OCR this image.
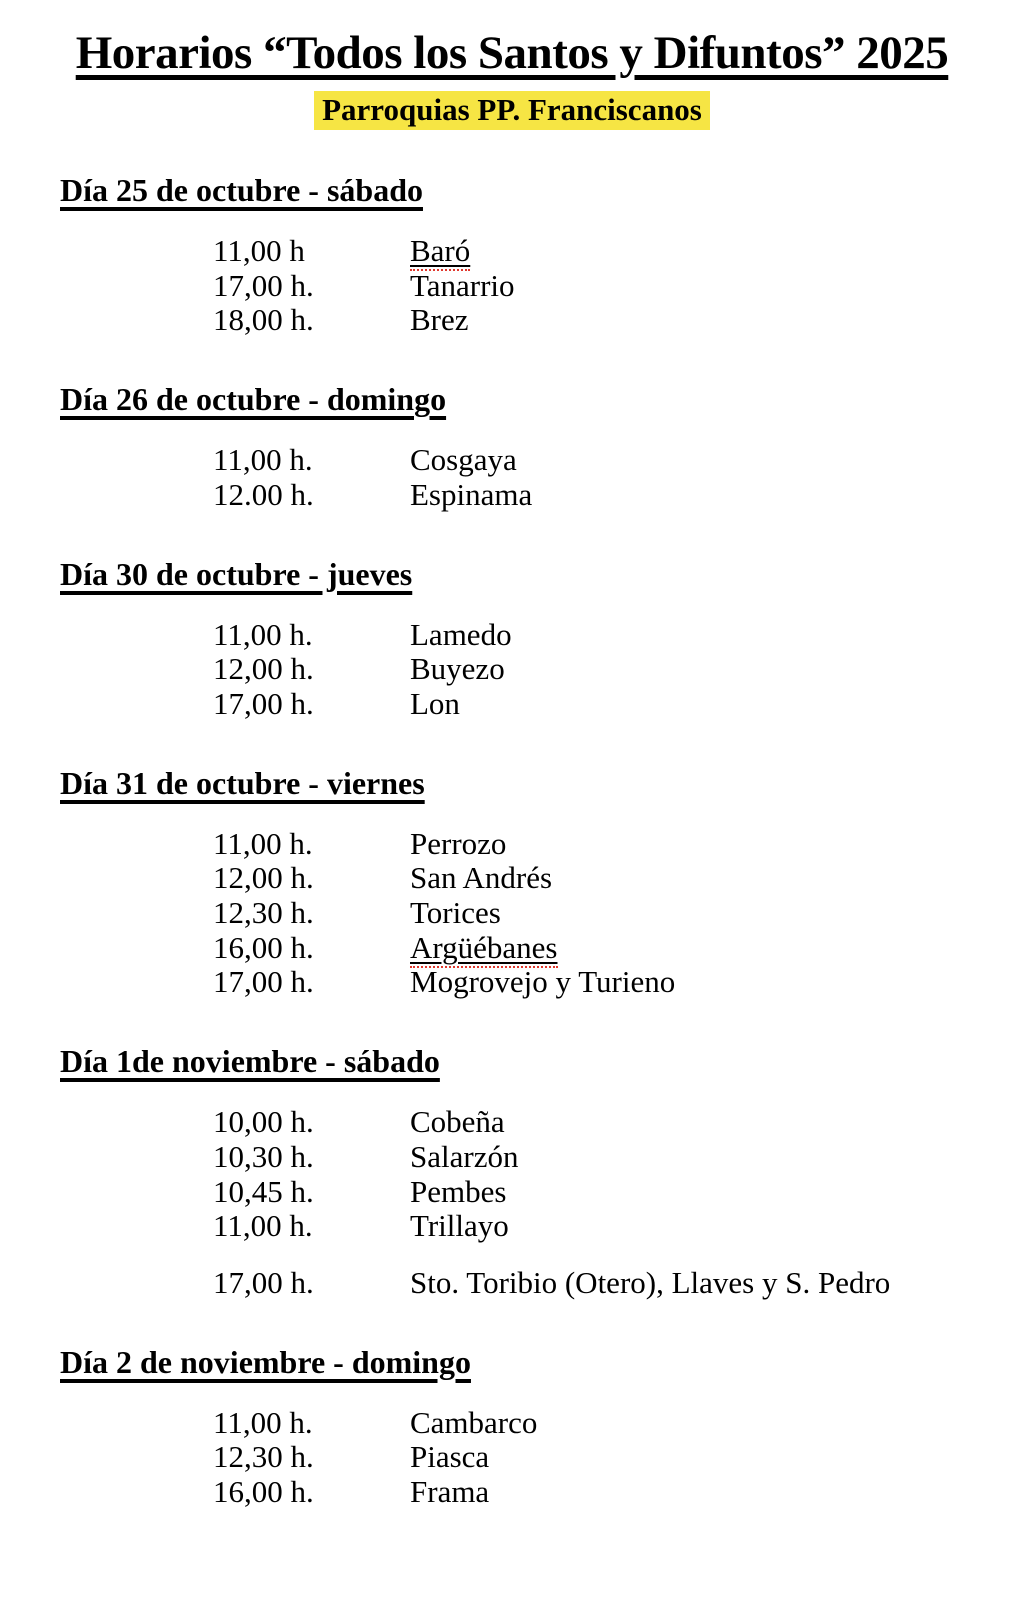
Horarios “Todos los Santos y Difuntos” 2025
Parroquias PP. Franciscanos
Día 25 de octubre - sábado
11,00 h	Baró
17,00 h.	Tanarrio
18,00 h.	Brez
Día 26 de octubre - domingo
11,00 h.	Cosgaya
12.00 h.	Espinama
Día 30 de octubre - jueves
11,00 h.	Lamedo
12,00 h.	Buyezo
17,00 h.	Lon
Día 31 de octubre - viernes
11,00 h.	Perrozo
12,00 h.	San Andrés
12,30 h.	Torices
16,00 h.	Argüébanes
17,00 h.	Mogrovejo y Turieno
Día 1de noviembre - sábado
10,00 h.	Cobeña
10,30 h.	Salarzón
10,45 h.	Pembes
11,00 h.	Trillayo
17,00 h.	Sto. Toribio (Otero), Llaves y S. Pedro
Día 2 de noviembre - domingo
11,00 h.	Cambarco
12,30 h.	Piasca
16,00 h.	Frama
